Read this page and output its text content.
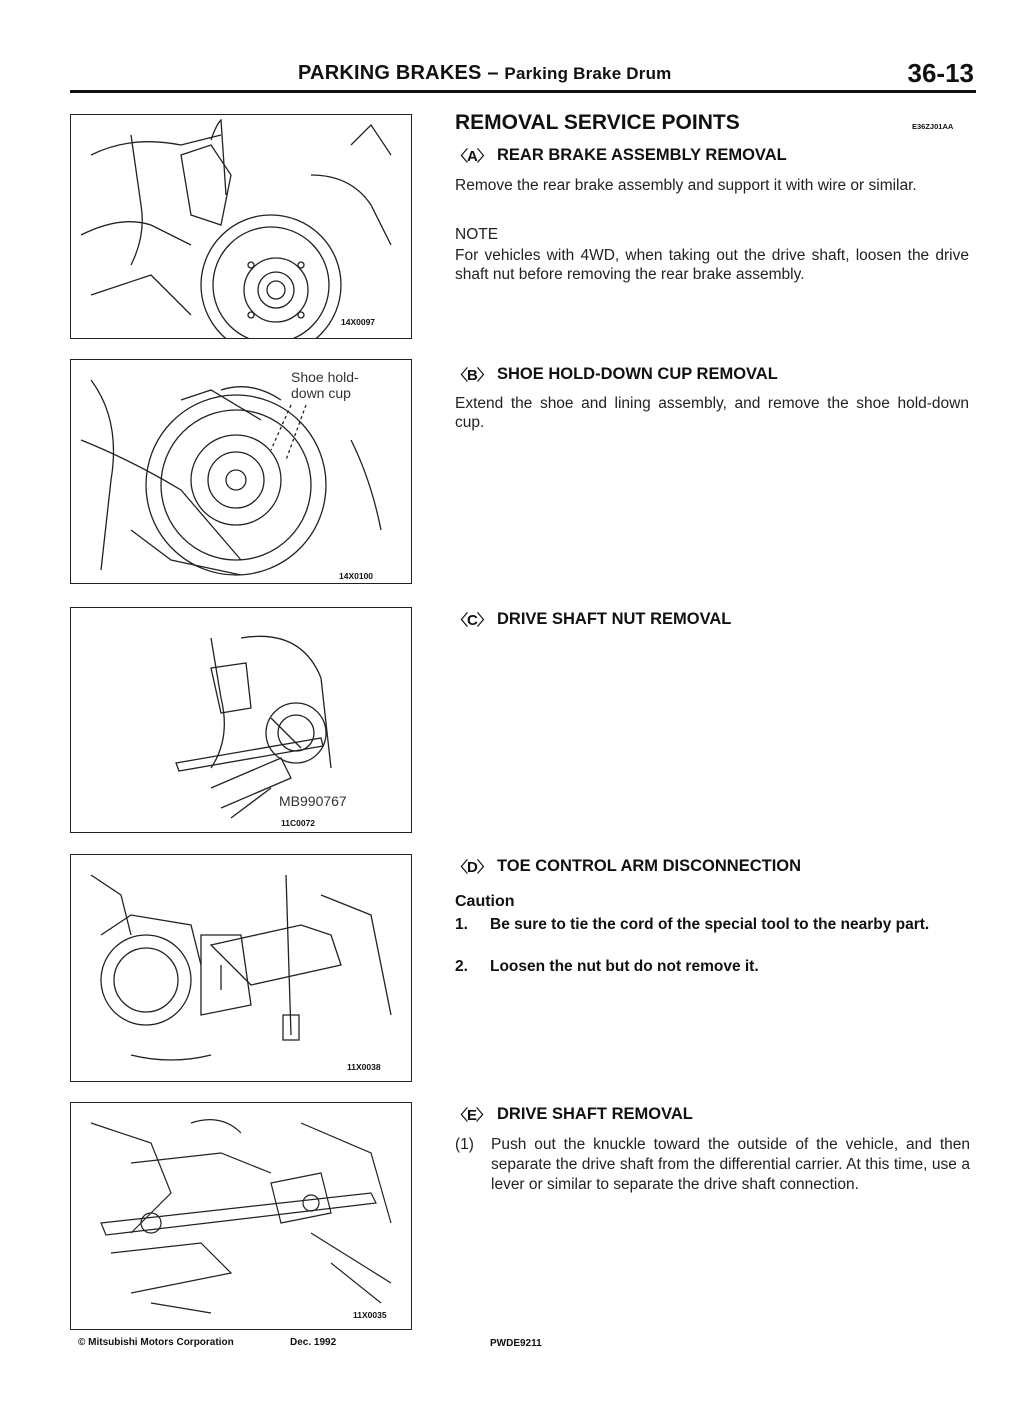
PARKING BRAKES – Parking Brake Drum	36-13
14X0097
Shoe hold-down cup
14X0100
MB990767
11C0072
11X0038
11X0035
REMOVAL SERVICE POINTS	E36ZJ01AA
〈A〉 REAR BRAKE ASSEMBLY REMOVAL
Remove the rear brake assembly and support it with wire or similar.
NOTE
For vehicles with 4WD, when taking out the drive shaft, loosen the drive shaft nut before removing the rear brake assembly.
〈B〉 SHOE HOLD-DOWN CUP REMOVAL
Extend the shoe and lining assembly, and remove the shoe hold-down cup.
〈C〉 DRIVE SHAFT NUT REMOVAL
〈D〉 TOE CONTROL ARM DISCONNECTION
Caution
1.	Be sure to tie the cord of the special tool to the nearby part.
2.	Loosen the nut but do not remove it.
〈E〉 DRIVE SHAFT REMOVAL
(1)	Push out the knuckle toward the outside of the vehicle, and then separate the drive shaft from the differential carrier. At this time, use a lever or similar to separate the drive shaft connection.
© Mitsubishi Motors Corporation	Dec. 1992	PWDE9211
